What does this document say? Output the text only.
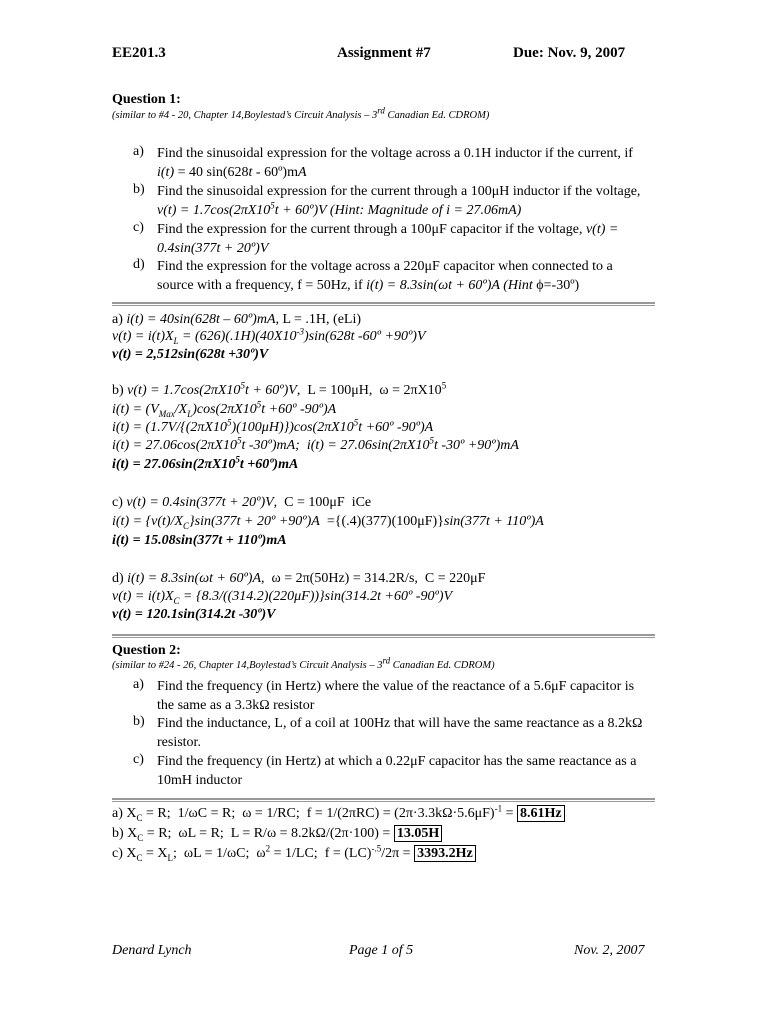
EE201.3	Assignment #7	Due: Nov. 9, 2007
Question 1:
(similar to #4 - 20, Chapter 14,Boylestad’s Circuit Analysis – 3rd Canadian Ed. CDROM)
a) Find the sinusoidal expression for the voltage across a 0.1H inductor if the current, if i(t) = 40 sin(628t - 60º)mA
b) Find the sinusoidal expression for the current through a 100μH inductor if the voltage, $v(t) = 1.7\cos(2\pi X10^5t$ + 60º)V (Hint: Magnitude of i = 27.06mA)
c) Find the expression for the current through a 100μF capacitor if the voltage, v(t) = 0.4sin(377t + 20º)V
d) Find the expression for the voltage across a 220μF capacitor when connected to a source with a frequency, f = 50Hz, if i(t) = 8.3sin(ωt + 60º)A (Hint ϕ=-30º)
a) i(t) = 40sin(628t – 60º)mA, L = .1H, (eLi)
$v(t) = i(t)X_L = (626)(.1H)(40X10^{-3})\sin(628t$ -60º +90º)V
v(t) = 2,512sin(628t +30º)V
b) $v(t) = 1.7\cos(2\pi X10^5t$ + 60º)V,  L = 100μH,  $\omega = 2\pi X10^5$
$i(t) = (V_{Max}/X_L)\cos(2\pi X10^5t$ +60º -90º)A
$i(t) = (1.7V/\{(2\pi X10^5)(100\mu H)\})\cos(2\pi X10^5t$ +60º -90º)A
$i(t) = 27.06\cos(2\pi X10^5t$ -30º)mA;  $i(t) = 27.06\sin(2\pi X10^5t$ -30º +90º)mA
$i(t) = 27.06\sin(2\pi X10^5t$ +60º)mA
c) v(t) = 0.4sin(377t + 20º)V,  C = 100μF  iCe
$i(t) = \{v(t)/X_C\}\sin(377t$ + 20º +90º)A  ={(.4)(377)(100μF)}sin(377t + 110º)A
i(t) = 15.08sin(377t + 110º)mA
d) i(t) = 8.3sin(ωt + 60º)A,  ω = 2π(50Hz) = 314.2R/s,  C = 220μF
$v(t) = i(t)X_C = \{8.3/((314.2)(220\mu F))\}\sin(314.2t$ +60º -90º)V
v(t) = 120.1sin(314.2t -30º)V
Question 2:
(similar to #24 - 26, Chapter 14,Boylestad’s Circuit Analysis – 3rd Canadian Ed. CDROM)
a) Find the frequency (in Hertz) where the value of the reactance of a 5.6μF capacitor is the same as a 3.3kΩ resistor
b) Find the inductance, L, of a coil at 100Hz that will have the same reactance as a 8.2kΩ resistor.
c) Find the frequency (in Hertz) at which a 0.22μF capacitor has the same reactance as a 10mH inductor
a) $X_C = R$;  1/ωC = R;  ω = 1/RC;  $f = 1/(2\pi RC) = (2\pi\cdot 3.3k\Omega\cdot 5.6\mu F)^{-1} = 8.61Hz$
b) $X_C = R$;  ωL = R;  L = R/ω = 8.2kΩ/(2π·100) = 13.05H
c) $X_C = X_L$;  ωL = 1/ωC;  $\omega^2 = 1/LC$;  f = (LC)$^{-.5}$/2π = 3393.2Hz
Denard Lynch	Page 1 of 5	Nov. 2, 2007
